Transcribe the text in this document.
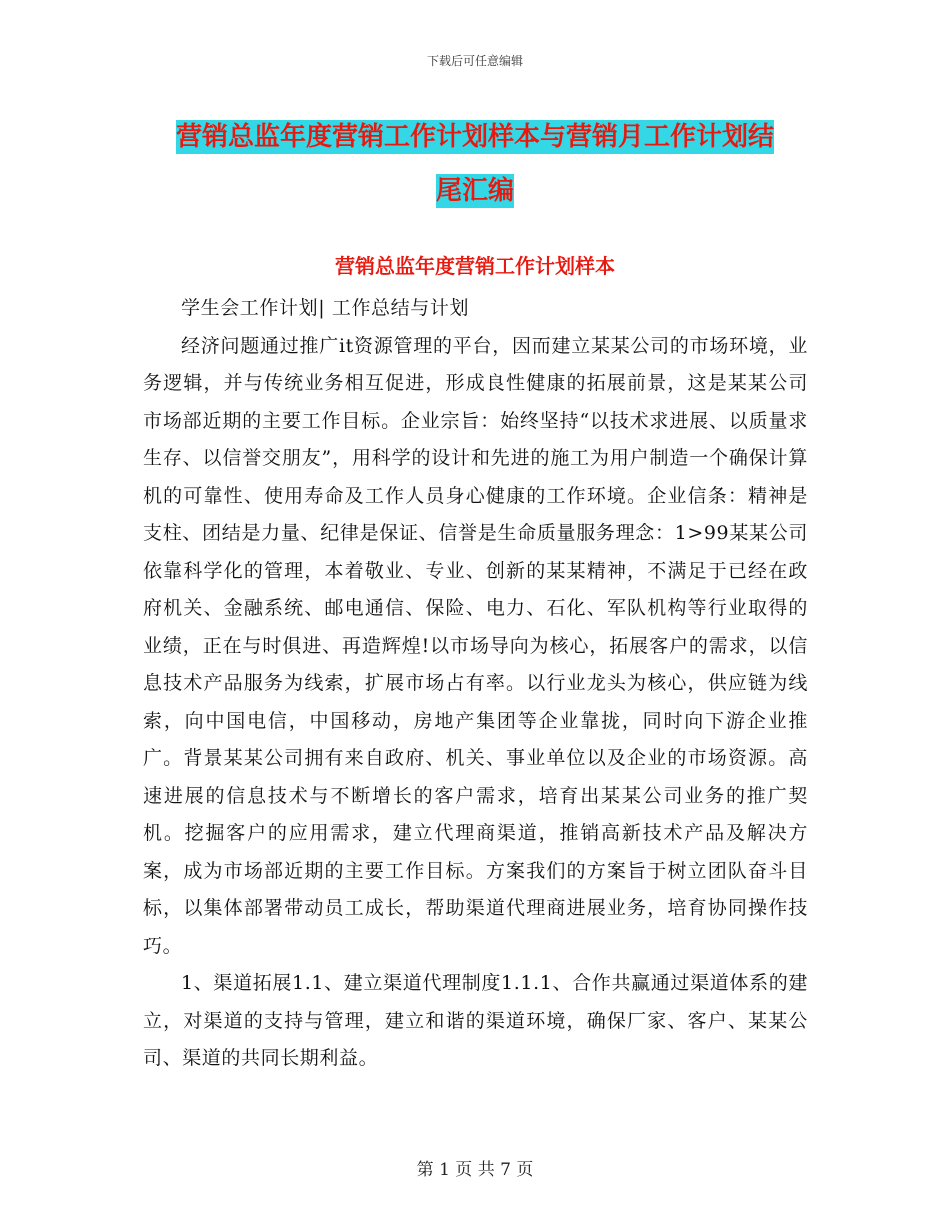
下载后可任意编辑
营销总监年度营销工作计划样本与营销月工作计划结
尾汇编
营销总监年度营销工作计划样本

学生会工作计划| 工作总结与计划

经济问题通过推广it资源管理的平台，因而建立某某公司的市场环境，业务逻辑，并与传统业务相互促进，形成良性健康的拓展前景，这是某某公司市场部近期的主要工作目标。企业宗旨：始终坚持“以技术求进展、以质量求生存、以信誉交朋友”，用科学的设计和先进的施工为用户制造一个确保计算机的可靠性、使用寿命及工作人员身心健康的工作环境。企业信条：精神是支柱、团结是力量、纪律是保证、信誉是生命质量服务理念：1>99某某公司依靠科学化的管理，本着敬业、专业、创新的某某精神，不满足于已经在政府机关、金融系统、邮电通信、保险、电力、石化、军队机构等行业取得的业绩，正在与时俱进、再造辉煌!以市场导向为核心，拓展客户的需求，以信息技术产品服务为线索，扩展市场占有率。以行业龙头为核心，供应链为线索，向中国电信，中国移动，房地产集团等企业靠拢，同时向下游企业推广。背景某某公司拥有来自政府、机关、事业单位以及企业的市场资源。高速进展的信息技术与不断增长的客户需求，培育出某某公司业务的推广契机。挖掘客户的应用需求，建立代理商渠道，推销高新技术产品及解决方案，成为市场部近期的主要工作目标。方案我们的方案旨于树立团队奋斗目标，以集体部署带动员工成长，帮助渠道代理商进展业务，培育协同操作技巧。

1、渠道拓展1.1、建立渠道代理制度1.1.1、合作共赢通过渠道体系的建立，对渠道的支持与管理，建立和谐的渠道环境，确保厂家、客户、某某公司、渠道的共同长期利益。

第 1 页 共 7 页
